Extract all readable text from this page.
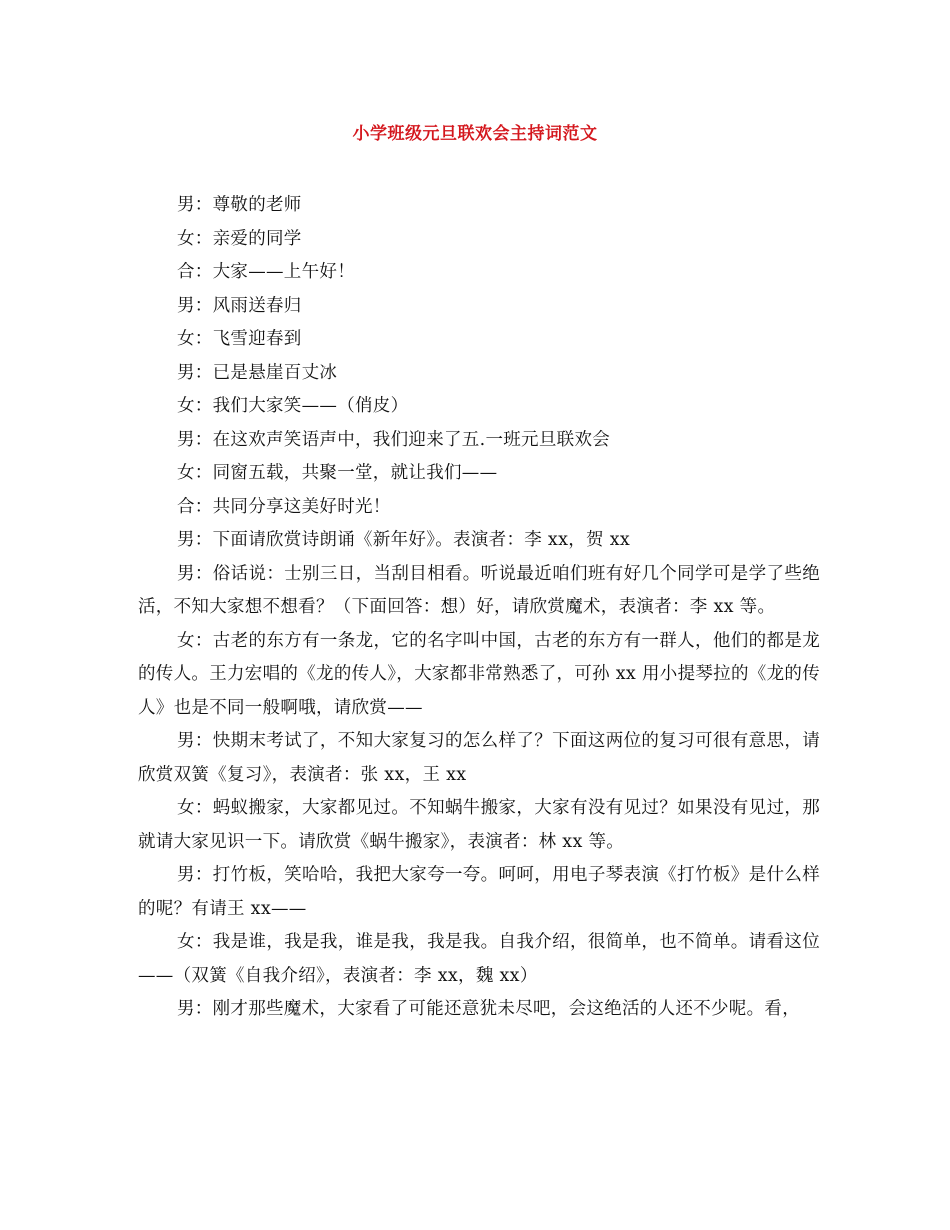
小学班级元旦联欢会主持词范文

男：尊敬的老师

女：亲爱的同学

合：大家——上午好！

男：风雨送春归

女：飞雪迎春到

男：已是悬崖百丈冰

女：我们大家笑——（俏皮）

男：在这欢声笑语声中，我们迎来了五.一班元旦联欢会

女：同窗五载，共聚一堂，就让我们——

合：共同分享这美好时光！

男：下面请欣赏诗朗诵《新年好》。表演者：李 xx，贺 xx

男：俗话说：士别三日，当刮目相看。听说最近咱们班有好几个同学可是学了些绝活，不知大家想不想看？（下面回答：想）好，请欣赏魔术，表演者：李 xx 等。

女：古老的东方有一条龙，它的名字叫中国，古老的东方有一群人，他们的都是龙的传人。王力宏唱的《龙的传人》，大家都非常熟悉了，可孙 xx 用小提琴拉的《龙的传人》也是不同一般啊哦，请欣赏——

男：快期末考试了，不知大家复习的怎么样了？下面这两位的复习可很有意思，请欣赏双簧《复习》，表演者：张 xx，王 xx

女：蚂蚁搬家，大家都见过。不知蜗牛搬家，大家有没有见过？如果没有见过，那就请大家见识一下。请欣赏《蜗牛搬家》，表演者：林 xx 等。

男：打竹板，笑哈哈，我把大家夸一夸。呵呵，用电子琴表演《打竹板》是什么样的呢？有请王 xx——

女：我是谁，我是我，谁是我，我是我。自我介绍，很简单，也不简单。请看这位——（双簧《自我介绍》，表演者：李 xx，魏 xx）

男：刚才那些魔术，大家看了可能还意犹未尽吧，会这绝活的人还不少呢。看，
